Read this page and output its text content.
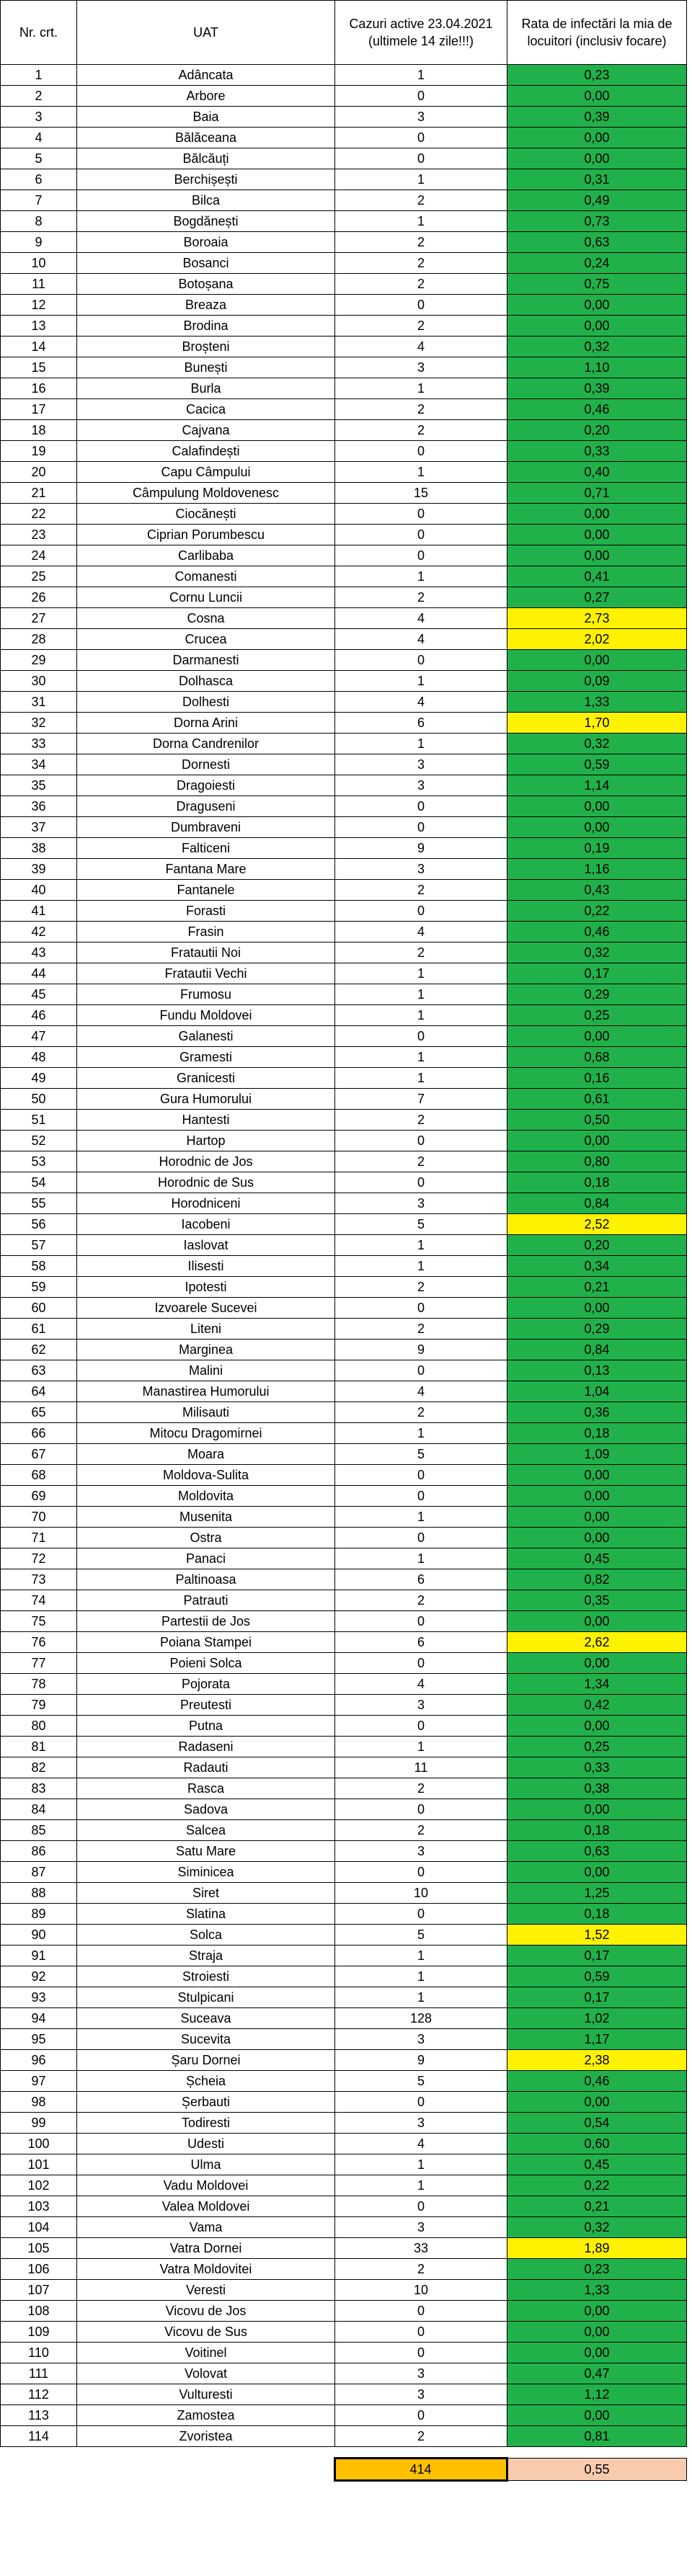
Nr. crt.	UAT	Cazuri active 23.04.2021 (ultimele 14 zile!!!)	Rata de infectări la mia de locuitori (inclusiv focare)
1	Adâncata	1	0,23
2	Arbore	0	0,00
3	Baia	3	0,39
4	Bălăceana	0	0,00
5	Bălcăuți	0	0,00
6	Berchișești	1	0,31
7	Bilca	2	0,49
8	Bogdănești	1	0,73
9	Boroaia	2	0,63
10	Bosanci	2	0,24
11	Botoșana	2	0,75
12	Breaza	0	0,00
13	Brodina	2	0,00
14	Broșteni	4	0,32
15	Bunești	3	1,10
16	Burla	1	0,39
17	Cacica	2	0,46
18	Cajvana	2	0,20
19	Calafindești	0	0,33
20	Capu Câmpului	1	0,40
21	Câmpulung Moldovenesc	15	0,71
22	Ciocănești	0	0,00
23	Ciprian Porumbescu	0	0,00
24	Carlibaba	0	0,00
25	Comanesti	1	0,41
26	Cornu Luncii	2	0,27
27	Cosna	4	2,73
28	Crucea	4	2,02
29	Darmanesti	0	0,00
30	Dolhasca	1	0,09
31	Dolhesti	4	1,33
32	Dorna Arini	6	1,70
33	Dorna Candrenilor	1	0,32
34	Dornesti	3	0,59
35	Dragoiesti	3	1,14
36	Draguseni	0	0,00
37	Dumbraveni	0	0,00
38	Falticeni	9	0,19
39	Fantana Mare	3	1,16
40	Fantanele	2	0,43
41	Forasti	0	0,22
42	Frasin	4	0,46
43	Fratautii Noi	2	0,32
44	Fratautii Vechi	1	0,17
45	Frumosu	1	0,29
46	Fundu Moldovei	1	0,25
47	Galanesti	0	0,00
48	Gramesti	1	0,68
49	Granicesti	1	0,16
50	Gura Humorului	7	0,61
51	Hantesti	2	0,50
52	Hartop	0	0,00
53	Horodnic de Jos	2	0,80
54	Horodnic de Sus	0	0,18
55	Horodniceni	3	0,84
56	Iacobeni	5	2,52
57	Iaslovat	1	0,20
58	Ilisesti	1	0,34
59	Ipotesti	2	0,21
60	Izvoarele Sucevei	0	0,00
61	Liteni	2	0,29
62	Marginea	9	0,84
63	Malini	0	0,13
64	Manastirea Humorului	4	1,04
65	Milisauti	2	0,36
66	Mitocu Dragomirnei	1	0,18
67	Moara	5	1,09
68	Moldova-Sulita	0	0,00
69	Moldovita	0	0,00
70	Musenita	1	0,00
71	Ostra	0	0,00
72	Panaci	1	0,45
73	Paltinoasa	6	0,82
74	Patrauti	2	0,35
75	Partestii de Jos	0	0,00
76	Poiana Stampei	6	2,62
77	Poieni Solca	0	0,00
78	Pojorata	4	1,34
79	Preutesti	3	0,42
80	Putna	0	0,00
81	Radaseni	1	0,25
82	Radauti	11	0,33
83	Rasca	2	0,38
84	Sadova	0	0,00
85	Salcea	2	0,18
86	Satu Mare	3	0,63
87	Siminicea	0	0,00
88	Siret	10	1,25
89	Slatina	0	0,18
90	Solca	5	1,52
91	Straja	1	0,17
92	Stroiesti	1	0,59
93	Stulpicani	1	0,17
94	Suceava	128	1,02
95	Sucevita	3	1,17
96	Șaru Dornei	9	2,38
97	Șcheia	5	0,46
98	Șerbauti	0	0,00
99	Todiresti	3	0,54
100	Udesti	4	0,60
101	Ulma	1	0,45
102	Vadu Moldovei	1	0,22
103	Valea Moldovei	0	0,21
104	Vama	3	0,32
105	Vatra Dornei	33	1,89
106	Vatra Moldovitei	2	0,23
107	Veresti	10	1,33
108	Vicovu de Jos	0	0,00
109	Vicovu de Sus	0	0,00
110	Voitinel	0	0,00
111	Volovat	3	0,47
112	Vulturesti	3	1,12
113	Zamostea	0	0,00
114	Zvoristea	2	0,81

		414	0,55
